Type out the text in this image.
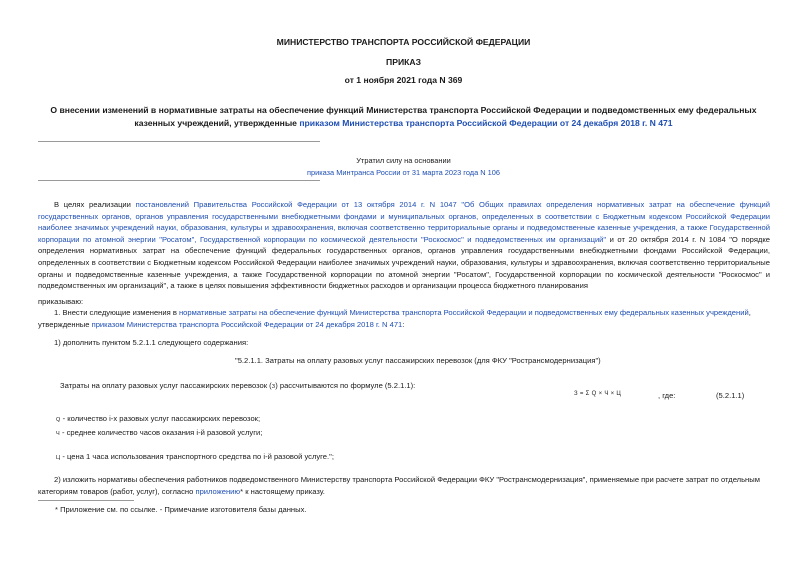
МИНИСТЕРСТВО ТРАНСПОРТА РОССИЙСКОЙ ФЕДЕРАЦИИ
ПРИКАЗ
от 1 ноября 2021 года N 369
О внесении изменений в нормативные затраты на обеспечение функций Министерства транспорта Российской Федерации и подведомственных ему федеральных казенных учреждений, утвержденные приказом Министерства транспорта Российской Федерации от 24 декабря 2018 г. N 471
Утратил силу на основании
приказа Минтранса России от 31 марта 2023 года N 106
В целях реализации постановлений Правительства Российской Федерации от 13 октября 2014 г. N 1047 "Об Общих правилах определения нормативных затрат на обеспечение функций государственных органов, органов управления государственными внебюджетными фондами и муниципальных органов, определенных в соответствии с Бюджетным кодексом Российской Федерации наиболее значимых учреждений науки, образования, культуры и здравоохранения, включая соответственно территориальные органы и подведомственные казенные учреждения, а также Государственной корпорации по атомной энергии "Росатом", Государственной корпорации по космической деятельности "Роскосмос" и подведомственных им организаций" и от 20 октября 2014 г. N 1084 "О порядке определения нормативных затрат на обеспечение функций федеральных государственных органов, органов управления государственными внебюджетными фондами Российской Федерации, определенных в соответствии с Бюджетным кодексом Российской Федерации наиболее значимых учреждений науки, образования, культуры и здравоохранения, включая соответственно территориальные органы и подведомственные казенные учреждения, а также Государственной корпорации по атомной энергии "Росатом", Государственной корпорации по космической деятельности "Роскосмос" и подведомственных им организаций", а также в целях повышения эффективности бюджетных расходов и организации процесса бюджетного планирования
приказываю:
1. Внести следующие изменения в нормативные затраты на обеспечение функций Министерства транспорта Российской Федерации и подведомственных ему федеральных казенных учреждений, утвержденные приказом Министерства транспорта Российской Федерации от 24 декабря 2018 г. N 471:
1) дополнить пунктом 5.2.1.1 следующего содержания:
"5.2.1.1. Затраты на оплату разовых услуг пассажирских перевозок (для ФКУ "Ространсмодернизация")
Затраты на оплату разовых услуг пассажирских перевозок (З) рассчитываются по формуле (5.2.1.1):
З = Σ Q × Ч × Ц	, где:	(5.2.1.1)
Q - количество i-х разовых услуг пассажирских перевозок;
Ч - среднее количество часов оказания i-й разовой услуги;
Ц - цена 1 часа использования транспортного средства по i-й разовой услуге.";
2) изложить нормативы обеспечения работников подведомственного Министерству транспорта Российской Федерации ФКУ "Ространсмодернизация", применяемые при расчете затрат по отдельным категориям товаров (работ, услуг), согласно приложению* к настоящему приказу.
* Приложение см. по ссылке. - Примечание изготовителя базы данных.
